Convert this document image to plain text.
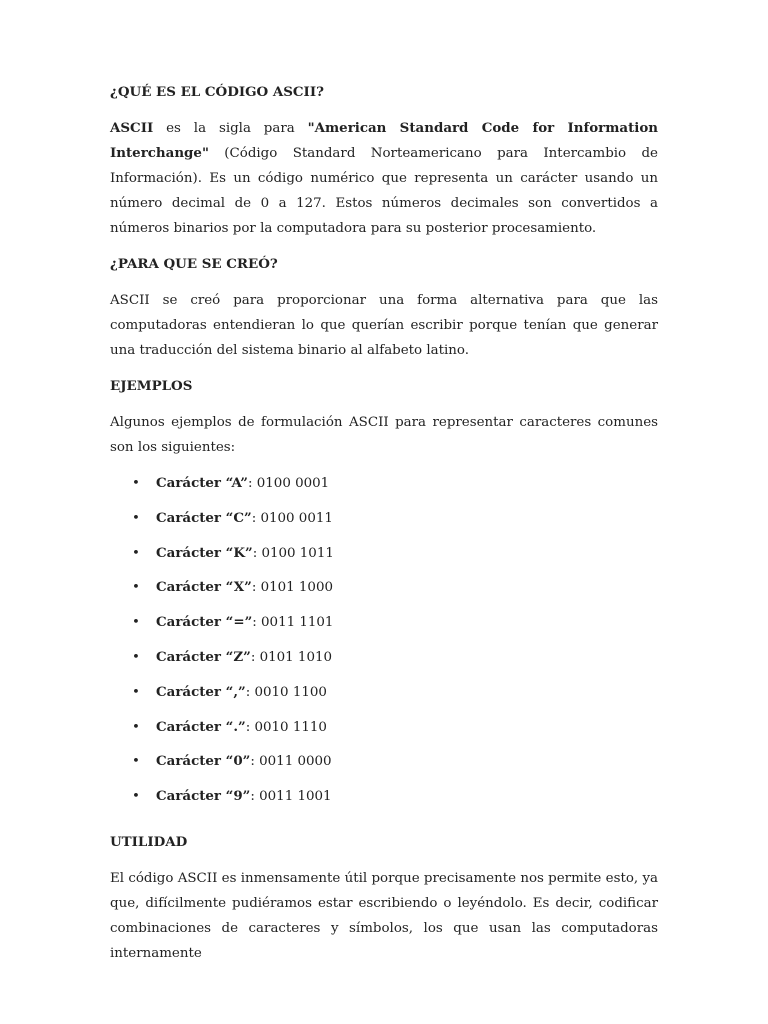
¿QUÉ ES EL CÓDIGO ASCII?

ASCII es la sigla para "American Standard Code for Information Interchange" (Código Standard Norteamericano para Intercambio de Información). Es un código numérico que representa un carácter usando un número decimal de 0 a 127. Estos números decimales son convertidos a números binarios por la computadora para su posterior procesamiento.

¿PARA QUE SE CREÓ?

ASCII se creó para proporcionar una forma alternativa para que las computadoras entendieran lo que querían escribir porque tenían que generar una traducción del sistema binario al alfabeto latino.

EJEMPLOS

Algunos ejemplos de formulación ASCII para representar caracteres comunes son los siguientes:

• Carácter “A”: 0100 0001
• Carácter “C”: 0100 0011
• Carácter “K”: 0100 1011
• Carácter “X”: 0101 1000
• Carácter “=”: 0011 1101
• Carácter “Z”: 0101 1010
• Carácter “,”: 0010 1100
• Carácter “.”: 0010 1110
• Carácter “0”: 0011 0000
• Carácter “9”: 0011 1001
UTILIDAD

El código ASCII es inmensamente útil porque precisamente nos permite esto, ya que, difícilmente pudiéramos estar escribiendo o leyéndolo. Es decir, codificar combinaciones de caracteres y símbolos, los que usan las computadoras internamente
